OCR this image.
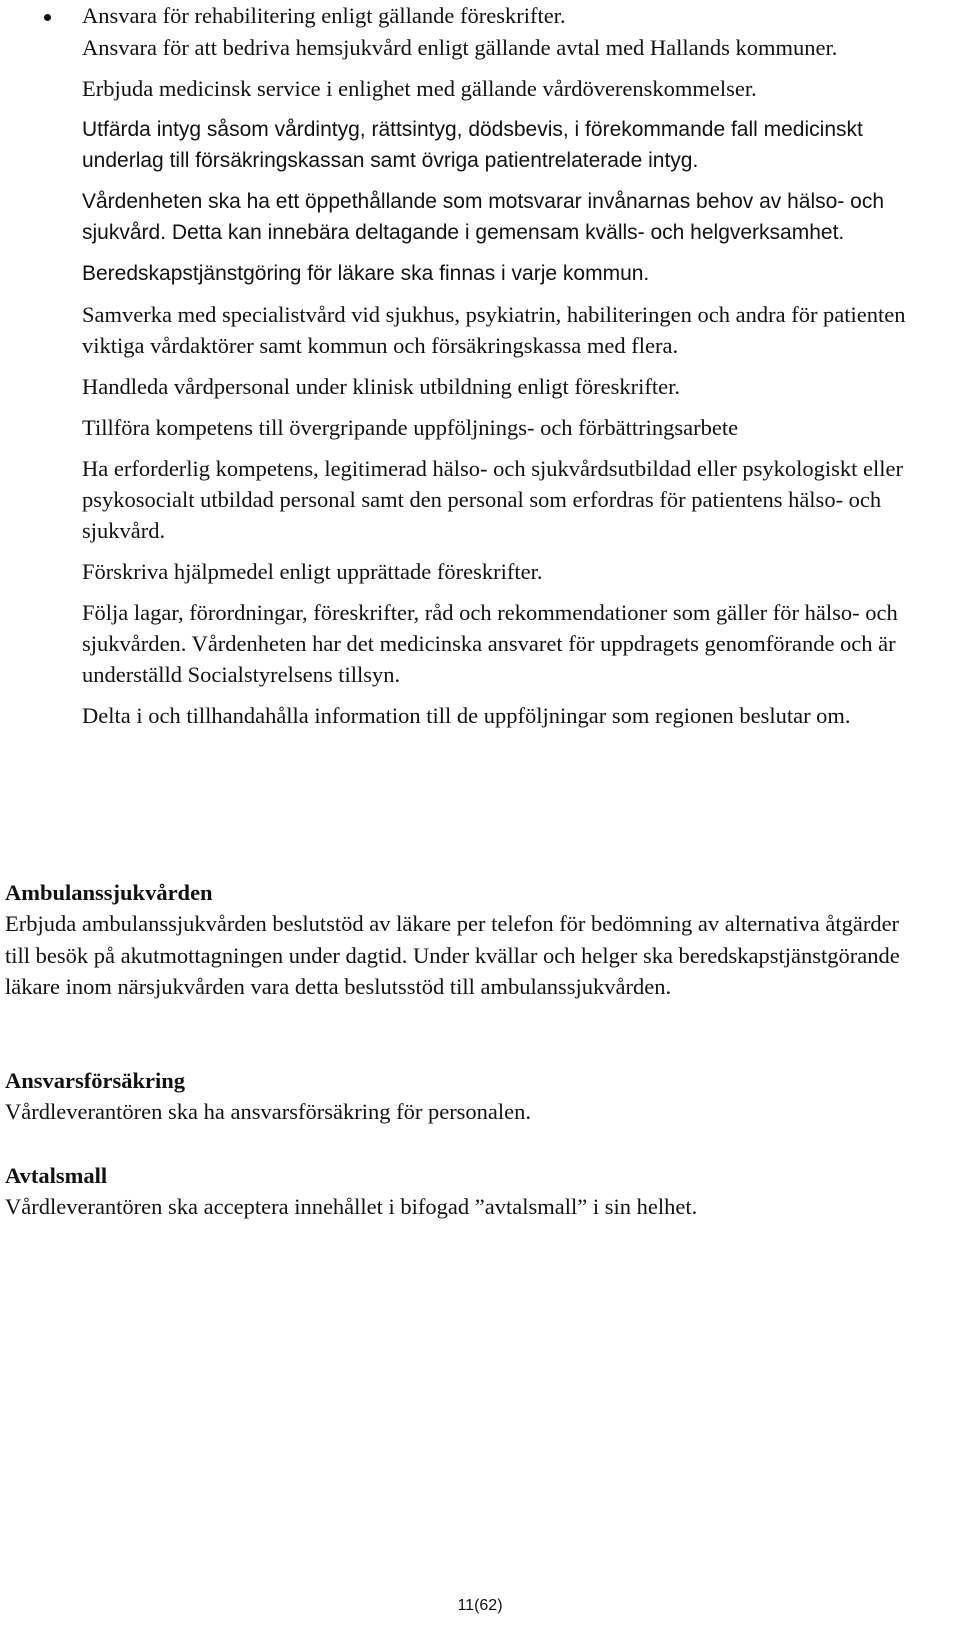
Ansvara för rehabilitering enligt gällande föreskrifter.
Ansvara för att bedriva hemsjukvård enligt gällande avtal med Hallands kommuner.
Erbjuda medicinsk service i enlighet med gällande vårdöverenskommelser.
Utfärda intyg såsom vårdintyg, rättsintyg, dödsbevis, i förekommande fall medicinskt underlag till försäkringskassan samt övriga patientrelaterade intyg.
Vårdenheten ska ha ett öppethållande som motsvarar invånarnas behov av hälso- och sjukvård. Detta kan innebära deltagande i gemensam kvälls- och helgverksamhet.
Beredskapstjänstgöring för läkare ska finnas i varje kommun.
Samverka med specialistvård vid sjukhus, psykiatrin, habiliteringen och andra för patienten viktiga vårdaktörer samt kommun och försäkringskassa med flera.
Handleda vårdpersonal under klinisk utbildning enligt föreskrifter.
Tillföra kompetens till övergripande uppföljnings- och förbättringsarbete
Ha erforderlig kompetens, legitimerad hälso- och sjukvårdsutbildad eller psykologiskt eller psykosocialt utbildad personal samt den personal som erfordras för patientens hälso- och sjukvård.
Förskriva hjälpmedel enligt upprättade föreskrifter.
Följa lagar, förordningar, föreskrifter, råd och rekommendationer som gäller för hälso- och sjukvården. Vårdenheten har det medicinska ansvaret för uppdragets genomförande och är underställd Socialstyrelsens tillsyn.
Delta i och tillhandahålla information till de uppföljningar som regionen beslutar om.
Ambulanssjukvården

Erbjuda ambulanssjukvården beslutstöd av läkare per telefon för bedömning av alternativa åtgärder till besök på akutmottagningen under dagtid. Under kvällar och helger ska beredskapstjänstgörande läkare inom närsjukvården vara detta beslutsstöd till ambulanssjukvården.

Ansvarsförsäkring

Vårdleverantören ska ha ansvarsförsäkring för personalen.

Avtalsmall

Vårdleverantören ska acceptera innehållet i bifogad ”avtalsmall” i sin helhet.

11(62)
